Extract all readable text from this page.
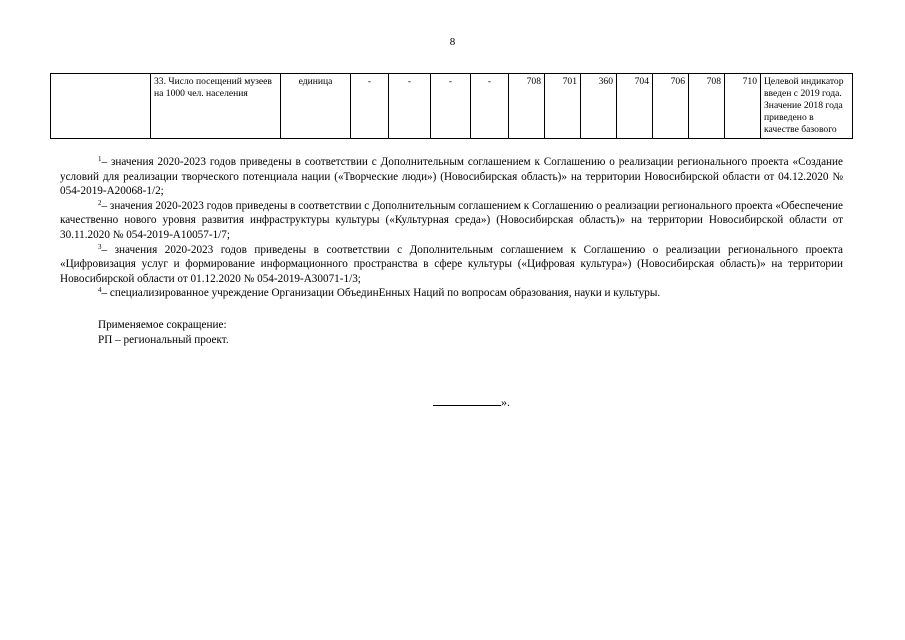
8
	33. Число посещений музеев на 1000 чел. населения	единица	-	-	-	-	708	701	360	704	706	708	710	Целевой индикатор введен с 2019 года. Значение 2018 года приведено в качестве базового

$^1$– значения 2020-2023 годов приведены в соответствии с Дополнительным соглашением к Соглашению о реализации регионального проекта «Создание условий для реализации творческого потенциала нации («Творческие люди») (Новосибирская область)» на территории Новосибирской области от 04.12.2020 № 054-2019-А20068-1/2;

$^2$– значения 2020-2023 годов приведены в соответствии с Дополнительным соглашением к Соглашению о реализации регионального проекта «Обеспечение качественно нового уровня развития инфраструктуры культуры («Культурная среда») (Новосибирская область)» на территории Новосибирской области от 30.11.2020 № 054-2019-А10057-1/7;

$^3$– значения 2020-2023 годов приведены в соответствии с Дополнительным соглашением к Соглашению о реализации регионального проекта «Цифровизация услуг и формирование информационного пространства в сфере культуры («Цифровая культура») (Новосибирская область)» на территории Новосибирской области от 01.12.2020 № 054-2019-А30071-1/3;

$^4$– специализированное учреждение Организации ОбъединЕнных Наций по вопросам образования, науки и культуры.

Применяемое сокращение:
РП – региональный проект.
».
